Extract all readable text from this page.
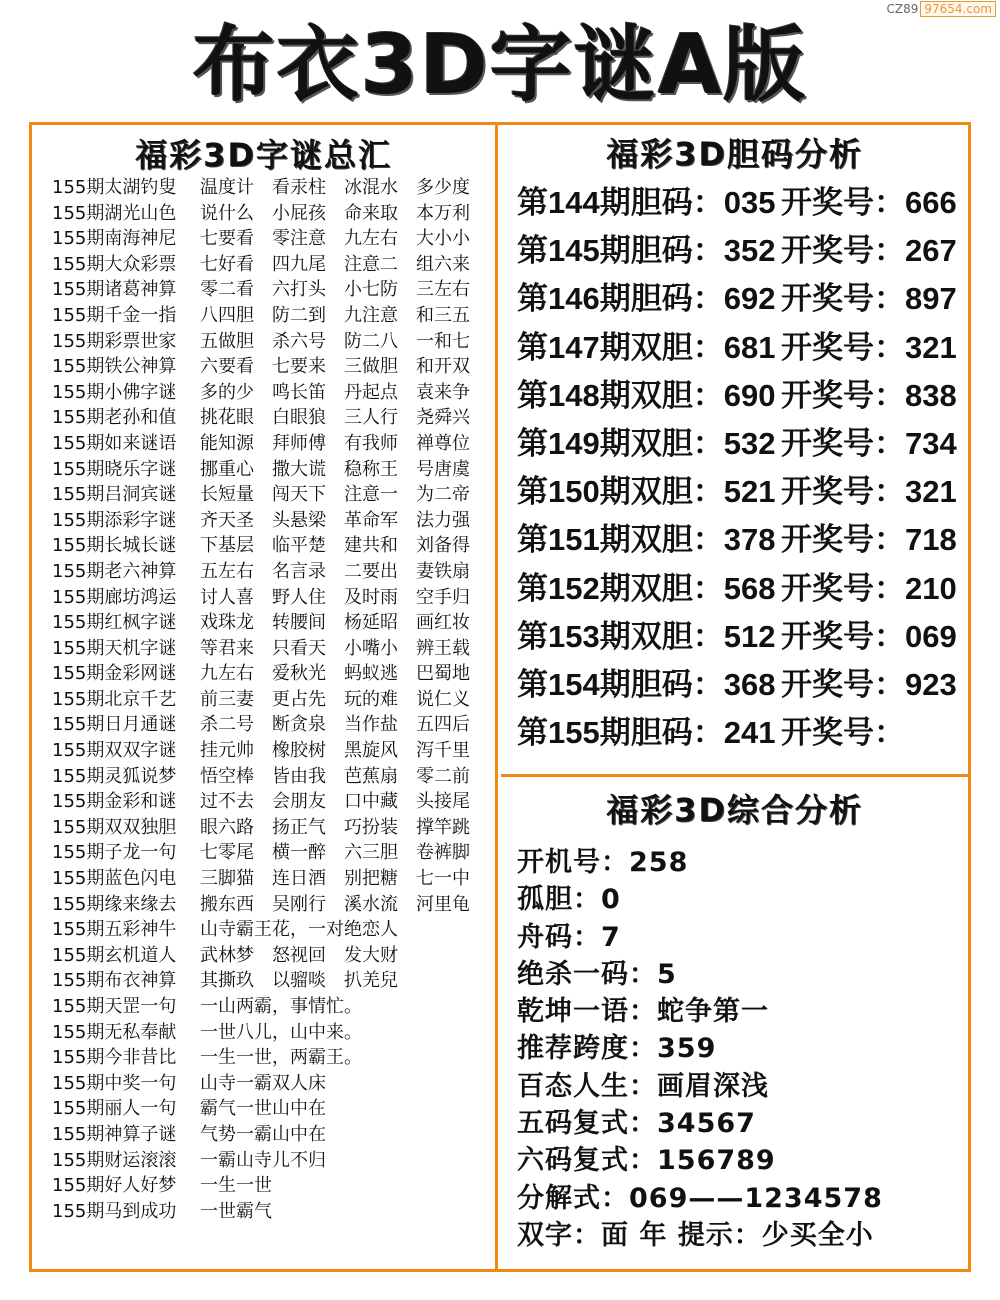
CZ89 97654.com
布衣3D字谜A版
福彩3D字谜总汇
155期太湖钓叟 温度计 看汞柱 冰混水 多少度
155期湖光山色 说什么 小屁孩 命来取 本万利
155期南海神尼 七要看 零注意 九左右 大小小
155期大众彩票 七好看 四九尾 注意二 组六来
155期诸葛神算 零二看 六打头 小七防 三左右
155期千金一指 八四胆 防二到 九注意 和三五
155期彩票世家 五做胆 杀六号 防二八 一和七
155期铁公神算 六要看 七要来 三做胆 和开双
155期小佛字谜 多的少 鸣长笛 丹起点 袁来争
155期老孙和值 挑花眼 白眼狼 三人行 尧舜兴
155期如来谜语 能知源 拜师傅 有我师 禅尊位
155期晓乐字谜 挪重心 撒大谎 稳称王 号唐虞
155期吕洞宾谜 长短量 闯天下 注意一 为二帝
155期添彩字谜 齐天圣 头悬梁 革命军 法力强
155期长城长谜 下基层 临平楚 建共和 刘备得
155期老六神算 五左右 名言录 二要出 妻铁扇
155期廊坊鸿运 讨人喜 野人住 及时雨 空手归
155期红枫字谜 戏珠龙 转腰间 杨延昭 画红妆
155期天机字谜 等君来 只看天 小嘴小 辨王载
155期金彩网谜 九左右 爱秋光 蚂蚁逃 巴蜀地
155期北京千艺 前三妻 更占先 玩的难 说仁义
155期日月通谜 杀二号 断贪泉 当作盐 五四后
155期双双字谜 挂元帅 橡胶树 黑旋风 泻千里
155期灵狐说梦 悟空棒 皆由我 芭蕉扇 零二前
155期金彩和谜 过不去 会朋友 口中藏 头接尾
155期双双独胆 眼六路 扬正气 巧扮装 撑竿跳
155期子龙一句 七零尾 横一醉 六三胆 卷裤脚
155期蓝色闪电 三脚猫 连日酒 别把糖 七一中
155期缘来缘去 搬东西 吴刚行 溪水流 河里龟
155期五彩神牛 山寺霸王花，一对绝恋人
155期玄机道人 武林梦 怒视回 发大财
155期布衣神算 其撕玖 以骝啖 扒羌兒
155期天罡一句 一山两霸，事情忙。
155期无私奉献 一世八儿，山中来。
155期今非昔比 一生一世，两霸王。
155期中奖一句 山寺一霸双人床
155期丽人一句 霸气一世山中在
155期神算子谜 气势一霸山中在
155期财运滚滚 一霸山寺儿不归
155期好人好梦 一生一世
155期马到成功 一世霸气
福彩3D胆码分析
第144期胆码：035 开奖号：666
第145期胆码：352 开奖号：267
第146期胆码：692 开奖号：897
第147期双胆：681 开奖号：321
第148期双胆：690 开奖号：838
第149期双胆：532 开奖号：734
第150期双胆：521 开奖号：321
第151期双胆：378 开奖号：718
第152期双胆：568 开奖号：210
第153期双胆：512 开奖号：069
第154期胆码：368 开奖号：923
第155期胆码：241 开奖号：
福彩3D综合分析
开机号：258
孤胆：0
舟码：7
绝杀一码：5
乾坤一语：蛇争第一
推荐跨度：359
百态人生：画眉深浅
五码复式：34567
六码复式：156789
分解式：069——1234578
双字：面 年 提示：少买全小
